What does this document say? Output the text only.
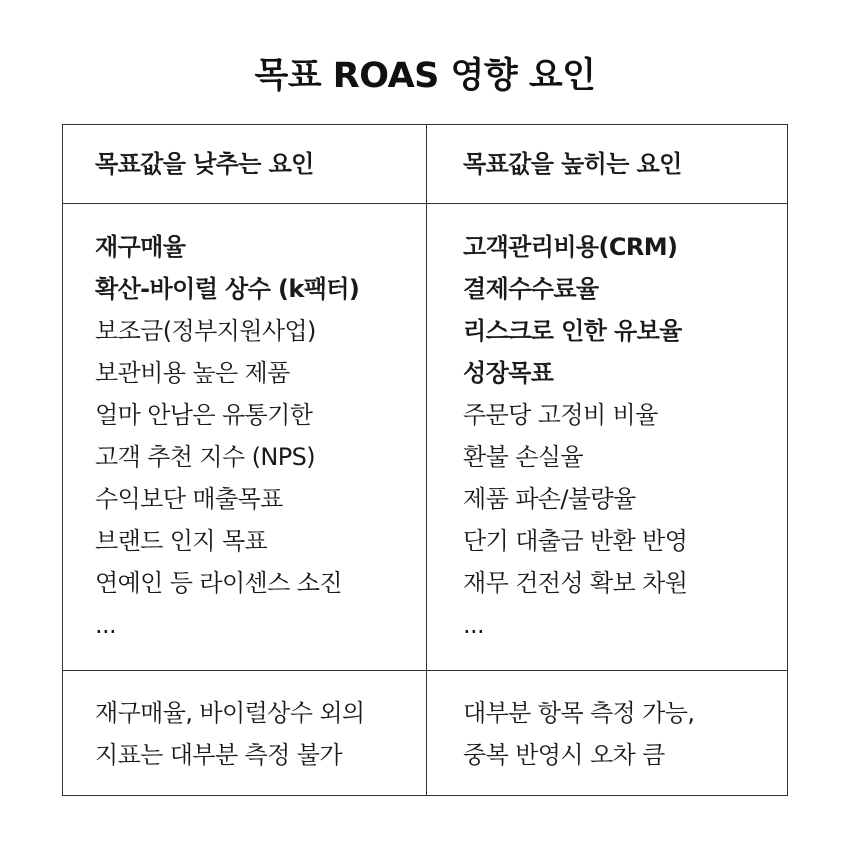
목표 ROAS 영향 요인
목표값을 낮추는 요인	목표값을 높히는 요인
재구매율
확산-바이럴 상수 (k팩터)
보조금(정부지원사업)
보관비용 높은 제품
얼마 안남은 유통기한
고객 추천 지수 (NPS)
수익보단 매출목표
브랜드 인지 목표
연예인 등 라이센스 소진
...
고객관리비용(CRM)
결제수수료율
리스크로 인한 유보율
성장목표
주문당 고정비 비율
환불 손실율
제품 파손/불량율
단기 대출금 반환 반영
재무 건전성 확보 차원
...
재구매율, 바이럴상수 외의
지표는 대부분 측정 불가
대부분 항목 측정 가능,
중복 반영시 오차 큼
